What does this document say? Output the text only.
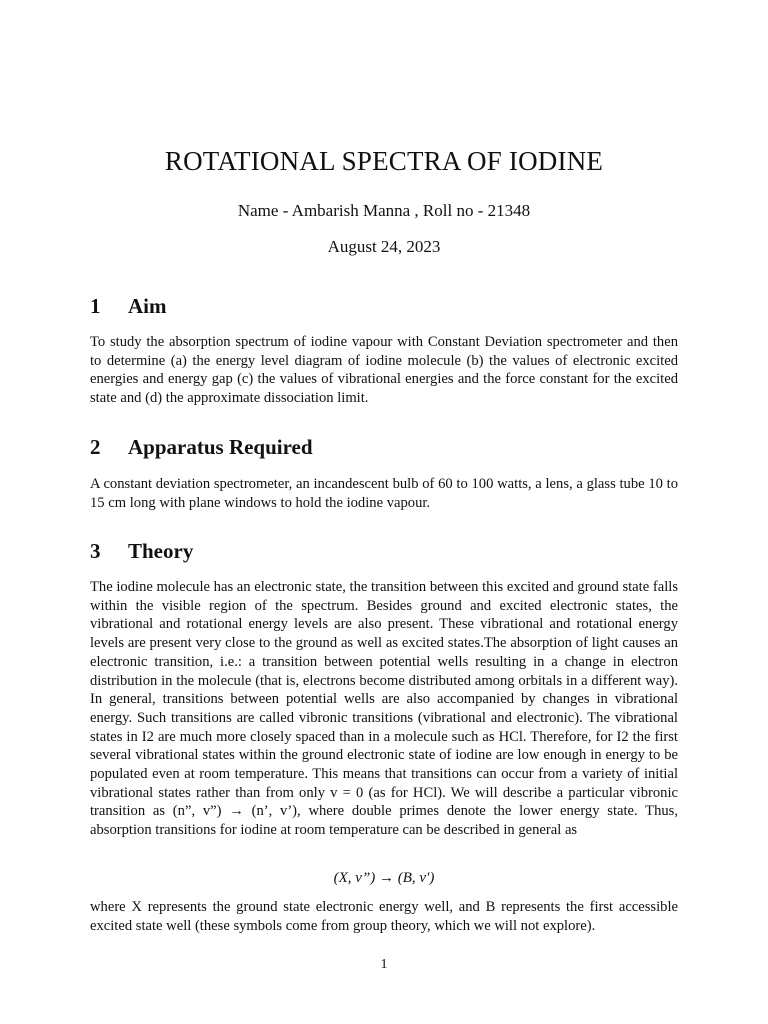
ROTATIONAL SPECTRA OF IODINE
Name - Ambarish Manna , Roll no - 21348
August 24, 2023
1 Aim
To study the absorption spectrum of iodine vapour with Constant Deviation spectrometer and then to determine (a) the energy level diagram of iodine molecule (b) the values of electronic excited energies and energy gap (c) the values of vibrational energies and the force constant for the excited state and (d) the approximate dissociation limit.
2 Apparatus Required
A constant deviation spectrometer, an incandescent bulb of 60 to 100 watts, a lens, a glass tube 10 to 15 cm long with plane windows to hold the iodine vapour.
3 Theory
The iodine molecule has an electronic state, the transition between this excited and ground state falls within the visible region of the spectrum. Besides ground and excited electronic states, the vibrational and rotational energy levels are also present. These vibrational and rotational energy levels are present very close to the ground as well as excited states.The absorption of light causes an electronic transition, i.e.: a transition between potential wells resulting in a change in electron distribution in the molecule (that is, electrons become distributed among orbitals in a different way). In general, transitions between potential wells are also accompanied by changes in vibrational energy. Such transitions are called vibronic transitions (vibrational and electronic). The vibrational states in I2 are much more closely spaced than in a molecule such as HCl. Therefore, for I2 the first several vibrational states within the ground electronic state of iodine are low enough in energy to be populated even at room temperature. This means that transitions can occur from a variety of initial vibrational states rather than from only v = 0 (as for HCl). We will describe a particular vibronic transition as (n”, v”) → (n’, v’), where double primes denote the lower energy state. Thus, absorption transitions for iodine at room temperature can be described in general as
(X, v”) → (B, v′)
where X represents the ground state electronic energy well, and B represents the first accessible excited state well (these symbols come from group theory, which we will not explore).
1
